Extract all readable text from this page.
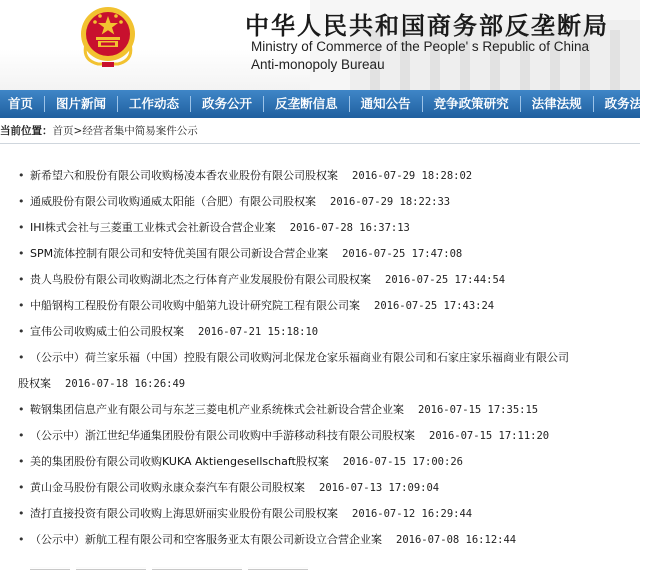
中华人民共和国商务部反垄断局
Ministry of Commerce of the People' s Republic of China
Anti-monopoly Bureau
首页	图片新闻	工作动态	政务公开	反垄断信息	通知公告	竞争政策研究	法律法规	政务法规
当前位置：首页>经营者集中简易案件公示
• 新希望六和股份有限公司收购杨凌本香农业股份有限公司股权案 2016-07-29 18:28:02
• 通威股份有限公司收购通威太阳能（合肥）有限公司股权案 2016-07-29 18:22:33
• IHI株式会社与三菱重工业株式会社新设合营企业案 2016-07-28 16:37:13
• SPM流体控制有限公司和安特优美国有限公司新设合营企业案 2016-07-25 17:47:08
• 贵人鸟股份有限公司收购湖北杰之行体育产业发展股份有限公司股权案 2016-07-25 17:44:54
• 中船钢构工程股份有限公司收购中船第九设计研究院工程有限公司案 2016-07-25 17:43:24
• 宣伟公司收购威士伯公司股权案 2016-07-21 15:18:10
• （公示中）荷兰家乐福（中国）控股有限公司收购河北保龙仓家乐福商业有限公司和石家庄家乐福商业有限公司
股权案 2016-07-18 16:26:49
• 鞍钢集团信息产业有限公司与东芝三菱电机产业系统株式会社新设合营企业案 2016-07-15 17:35:15
• （公示中）浙江世纪华通集团股份有限公司收购中手游移动科技有限公司股权案 2016-07-15 17:11:20
• 美的集团股份有限公司收购KUKA Aktiengesellschaft股权案 2016-07-15 17:00:26
• 黄山金马股份有限公司收购永康众泰汽车有限公司股权案 2016-07-13 17:09:04
• 渣打直接投资有限公司收购上海思妍丽实业股份有限公司股权案 2016-07-12 16:29:44
• （公示中）新航工程有限公司和空客服务亚太有限公司新设立合营企业案 2016-07-08 16:12:44
